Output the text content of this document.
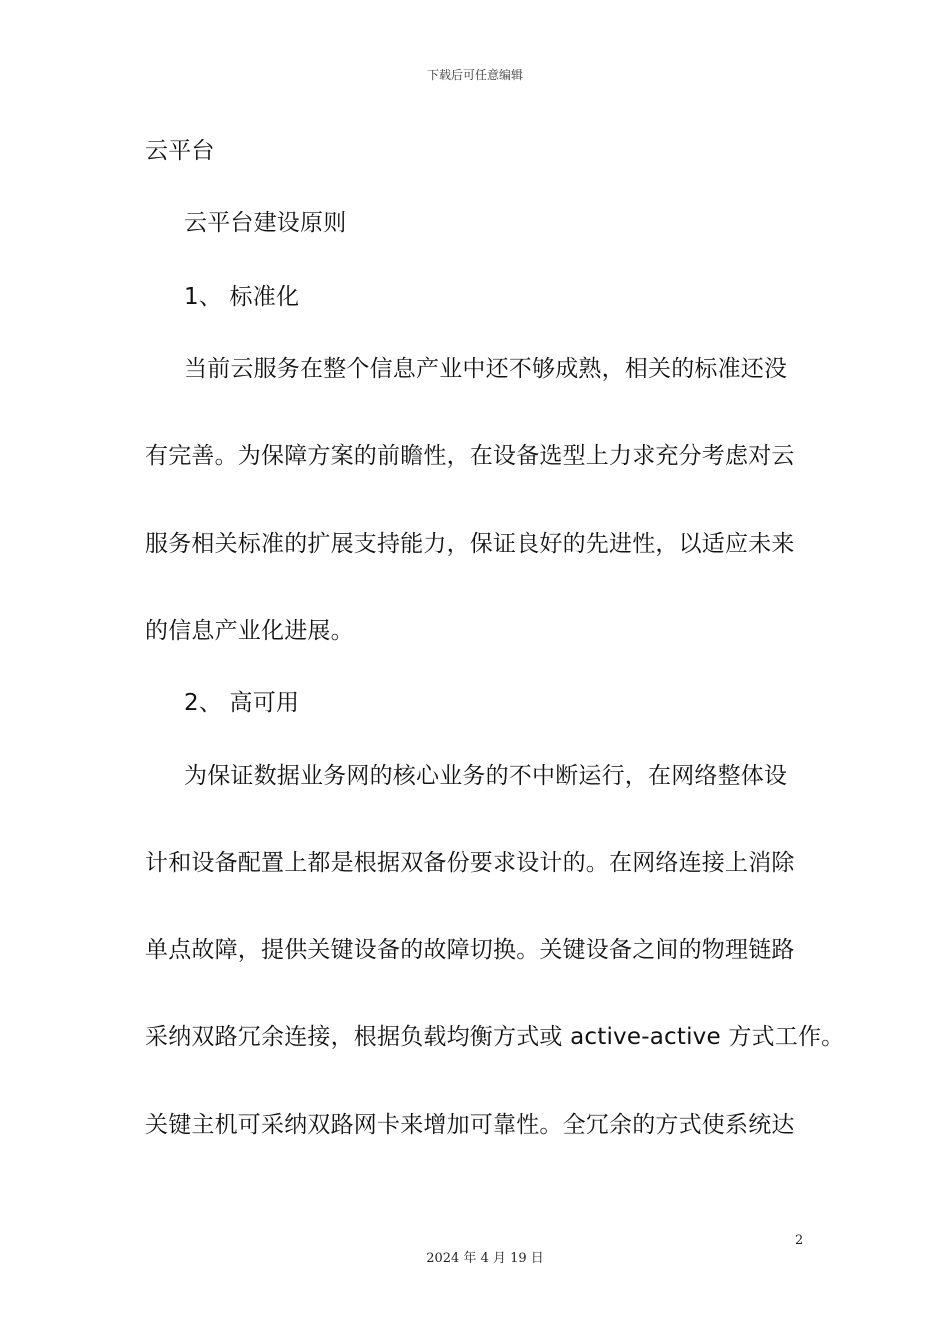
下载后可任意编辑
云平台
云平台建设原则
1、 标准化
当前云服务在整个信息产业中还不够成熟，相关的标准还没
有完善。为保障方案的前瞻性，在设备选型上力求充分考虑对云
服务相关标准的扩展支持能力，保证良好的先进性，以适应未来
的信息产业化进展。
2、 高可用
为保证数据业务网的核心业务的不中断运行，在网络整体设
计和设备配置上都是根据双备份要求设计的。在网络连接上消除
单点故障，提供关键设备的故障切换。关键设备之间的物理链路
采纳双路冗余连接，根据负载均衡方式或 active-active 方式工作。
关键主机可采纳双路网卡来增加可靠性。全冗余的方式使系统达
2
2024 年 4 月 19 日
